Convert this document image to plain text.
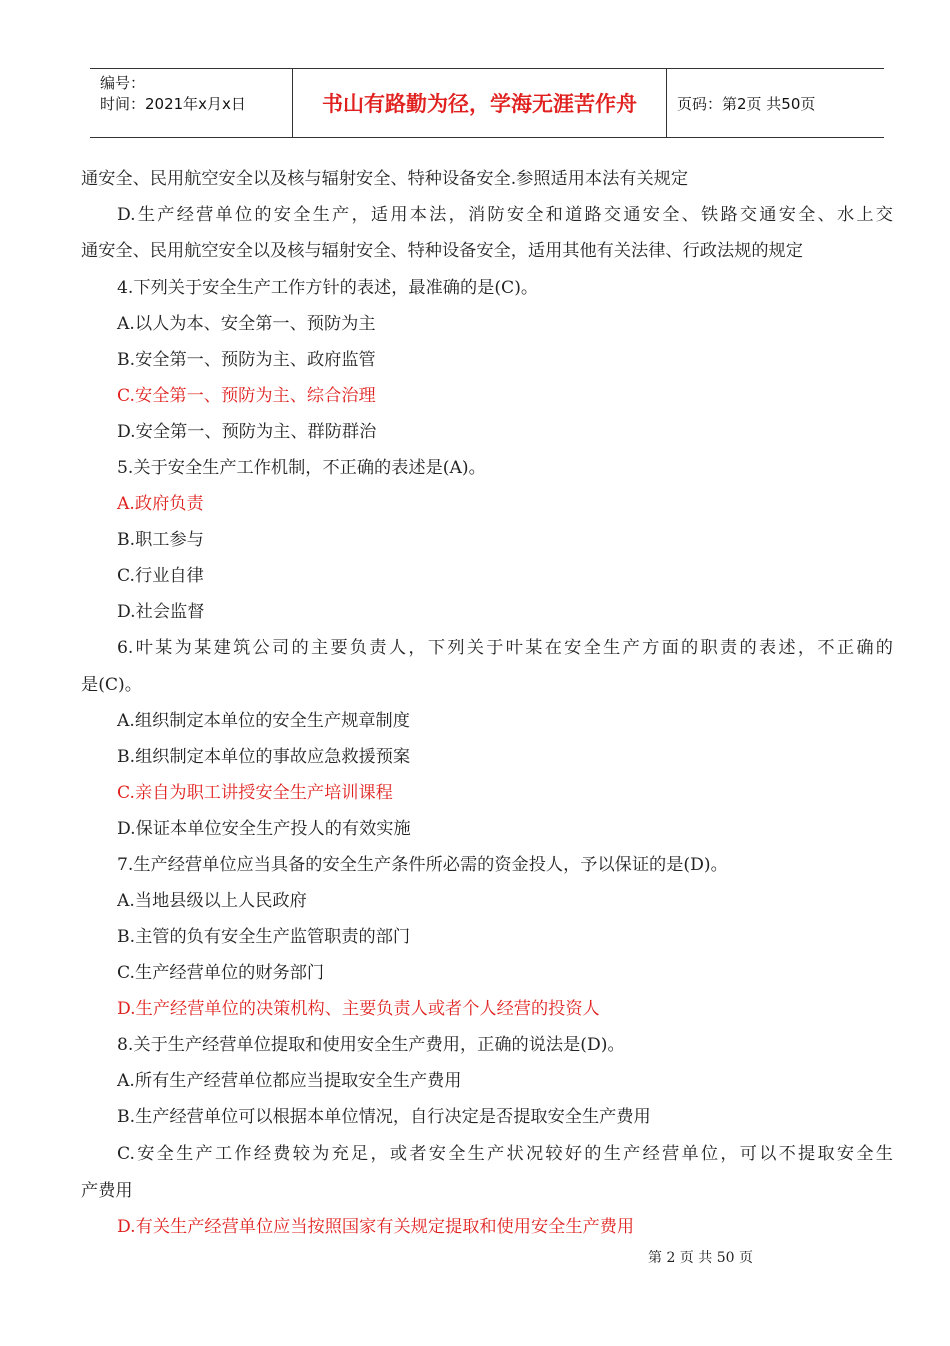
编号：
时间：2021年x月x日	书山有路勤为径，学海无涯苦作舟	页码：第2页 共50页
通安全、民用航空安全以及核与辐射安全、特种设备安全.参照适用本法有关规定
D.生产经营单位的安全生产，适用本法，消防安全和道路交通安全、铁路交通安全、水上交
通安全、民用航空安全以及核与辐射安全、特种设备安全，适用其他有关法律、行政法规的规定
4.下列关于安全生产工作方针的表述，最准确的是(C)。
A.以人为本、安全第一、预防为主
B.安全第一、预防为主、政府监管
C.安全第一、预防为主、综合治理
D.安全第一、预防为主、群防群治
5.关于安全生产工作机制，不正确的表述是(A)。
A.政府负责
B.职工参与
C.行业自律
D.社会监督
6.叶某为某建筑公司的主要负责人，下列关于叶某在安全生产方面的职责的表述，不正确的
是(C)。
A.组织制定本单位的安全生产规章制度
B.组织制定本单位的事故应急救援预案
C.亲自为职工讲授安全生产培训课程
D.保证本单位安全生产投人的有效实施
7.生产经营单位应当具备的安全生产条件所必需的资金投人，予以保证的是(D)。
A.当地县级以上人民政府
B.主管的负有安全生产监管职责的部门
C.生产经营单位的财务部门
D.生产经营单位的决策机构、主要负责人或者个人经营的投资人
8.关于生产经营单位提取和使用安全生产费用，正确的说法是(D)。
A.所有生产经营单位都应当提取安全生产费用
B.生产经营单位可以根据本单位情况，自行决定是否提取安全生产费用
C.安全生产工作经费较为充足，或者安全生产状况较好的生产经营单位，可以不提取安全生
产费用
D.有关生产经营单位应当按照国家有关规定提取和使用安全生产费用
第 2 页 共 50 页
